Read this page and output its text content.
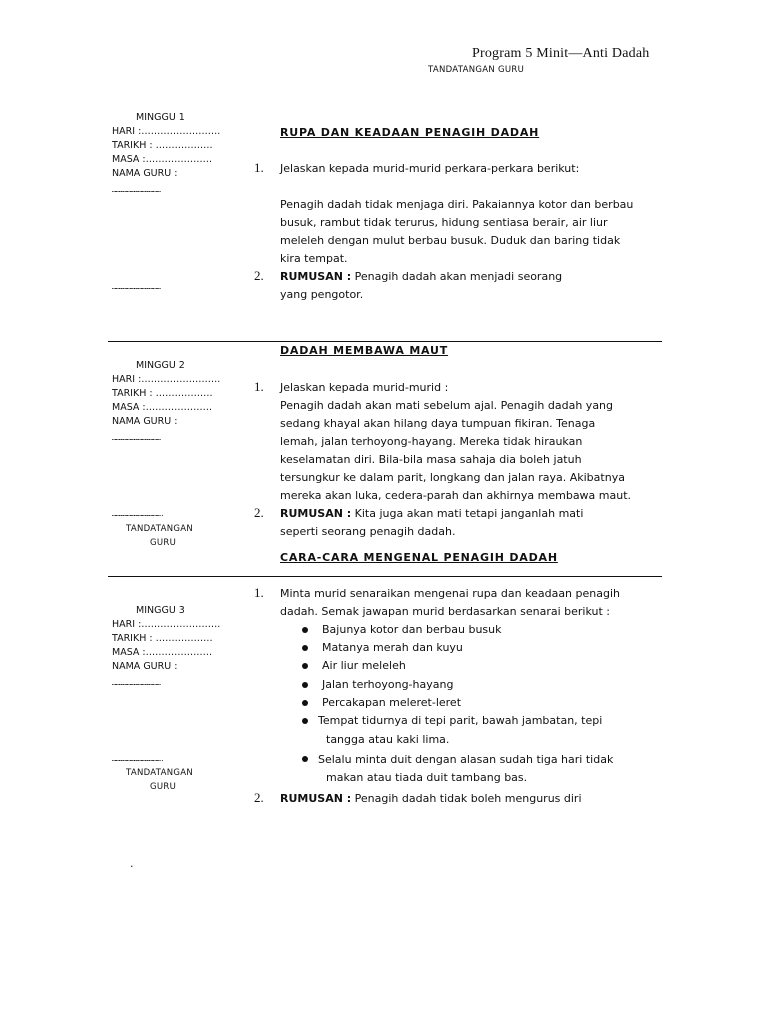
Program 5 Minit—Anti Dadah
TANDATANGAN GURU
MINGGU 1
HARI :…………………….
TARIKH : ………………
MASA :…………………
NAMA GURU :
…………………………………
…………………………………
RUPA DAN KEADAAN PENAGIH DADAH
1. Jelaskan kepada murid-murid perkara-perkara berikut:
Penagih dadah tidak menjaga diri. Pakaiannya kotor dan berbau
busuk, rambut tidak terurus, hidung sentiasa berair, air liur
meleleh dengan mulut berbau busuk. Duduk dan baring tidak
kira tempat.
2. RUMUSAN : Penagih dadah akan menjadi seorang
yang pengotor.
MINGGU 2
HARI :…………………….
TARIKH : ………………
MASA :…………………
NAMA GURU :
…………………………………
………………………………….
TANDATANGAN
GURU
DADAH MEMBAWA MAUT
1. Jelaskan kepada murid-murid :
Penagih dadah akan mati sebelum ajal. Penagih dadah yang
sedang khayal akan hilang daya tumpuan fikiran. Tenaga
lemah, jalan terhoyong-hayang. Mereka tidak hiraukan
keselamatan diri. Bila-bila masa sahaja dia boleh jatuh
tersungkur ke dalam parit, longkang dan jalan raya. Akibatnya
mereka akan luka, cedera-parah dan akhirnya membawa maut.
2. RUMUSAN : Kita juga akan mati tetapi janganlah mati
seperti seorang penagih dadah.
CARA-CARA MENGENAL PENAGIH DADAH
MINGGU 3
HARI :…………………….
TARIKH : ………………
MASA :…………………
NAMA GURU :
…………………………………
………………………………….
TANDATANGAN
GURU
1. Minta murid senaraikan mengenai rupa dan keadaan penagih
dadah. Semak jawapan murid berdasarkan senarai berikut :
Bajunya kotor dan berbau busuk
Matanya merah dan kuyu
Air liur meleleh
Jalan terhoyong-hayang
Percakapan meleret-leret
Tempat tidurnya di tepi parit, bawah jambatan, tepi
tangga atau kaki lima.
Selalu minta duit dengan alasan sudah tiga hari tidak
makan atau tiada duit tambang bas.
2. RUMUSAN : Penagih dadah tidak boleh mengurus diri
.
